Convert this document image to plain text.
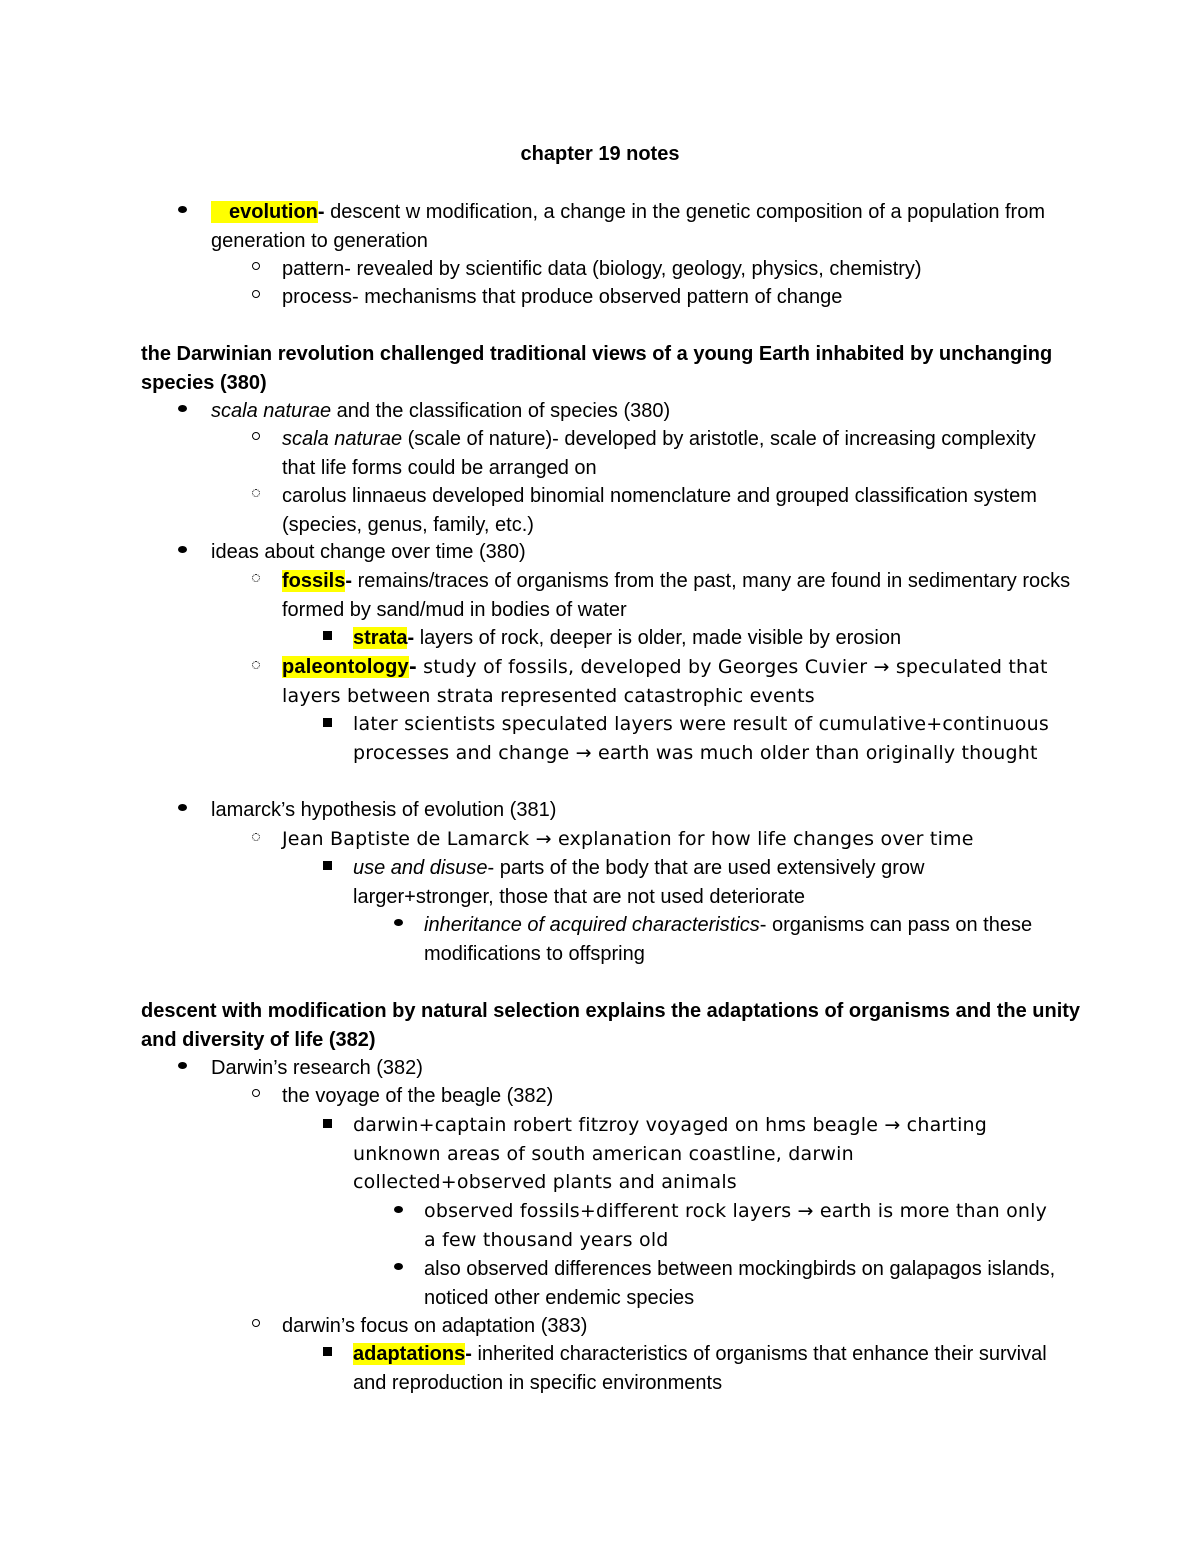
chapter 19 notes
evolution- descent w modification, a change in the genetic composition of a population from generation to generation
pattern- revealed by scientific data (biology, geology, physics, chemistry)
process- mechanisms that produce observed pattern of change
the Darwinian revolution challenged traditional views of a young Earth inhabited by unchanging species (380)
scala naturae and the classification of species (380)
scala naturae (scale of nature)- developed by aristotle, scale of increasing complexity that life forms could be arranged on
carolus linnaeus developed binomial nomenclature and grouped classification system (species, genus, family, etc.)
ideas about change over time (380)
fossils- remains/traces of organisms from the past, many are found in sedimentary rocks formed by sand/mud in bodies of water
strata- layers of rock, deeper is older, made visible by erosion
paleontology- study of fossils, developed by Georges Cuvier → speculated that layers between strata represented catastrophic events
later scientists speculated layers were result of cumulative+continuous processes and change → earth was much older than originally thought
lamarck’s hypothesis of evolution (381)
Jean Baptiste de Lamarck → explanation for how life changes over time
use and disuse- parts of the body that are used extensively grow larger+stronger, those that are not used deteriorate
inheritance of acquired characteristics- organisms can pass on these modifications to offspring
descent with modification by natural selection explains the adaptations of organisms and the unity and diversity of life (382)
Darwin’s research (382)
the voyage of the beagle (382)
darwin+captain robert fitzroy voyaged on hms beagle → charting unknown areas of south american coastline, darwin collected+observed plants and animals
observed fossils+different rock layers → earth is more than only a few thousand years old
also observed differences between mockingbirds on galapagos islands, noticed other endemic species
darwin’s focus on adaptation (383)
adaptations- inherited characteristics of organisms that enhance their survival and reproduction in specific environments
